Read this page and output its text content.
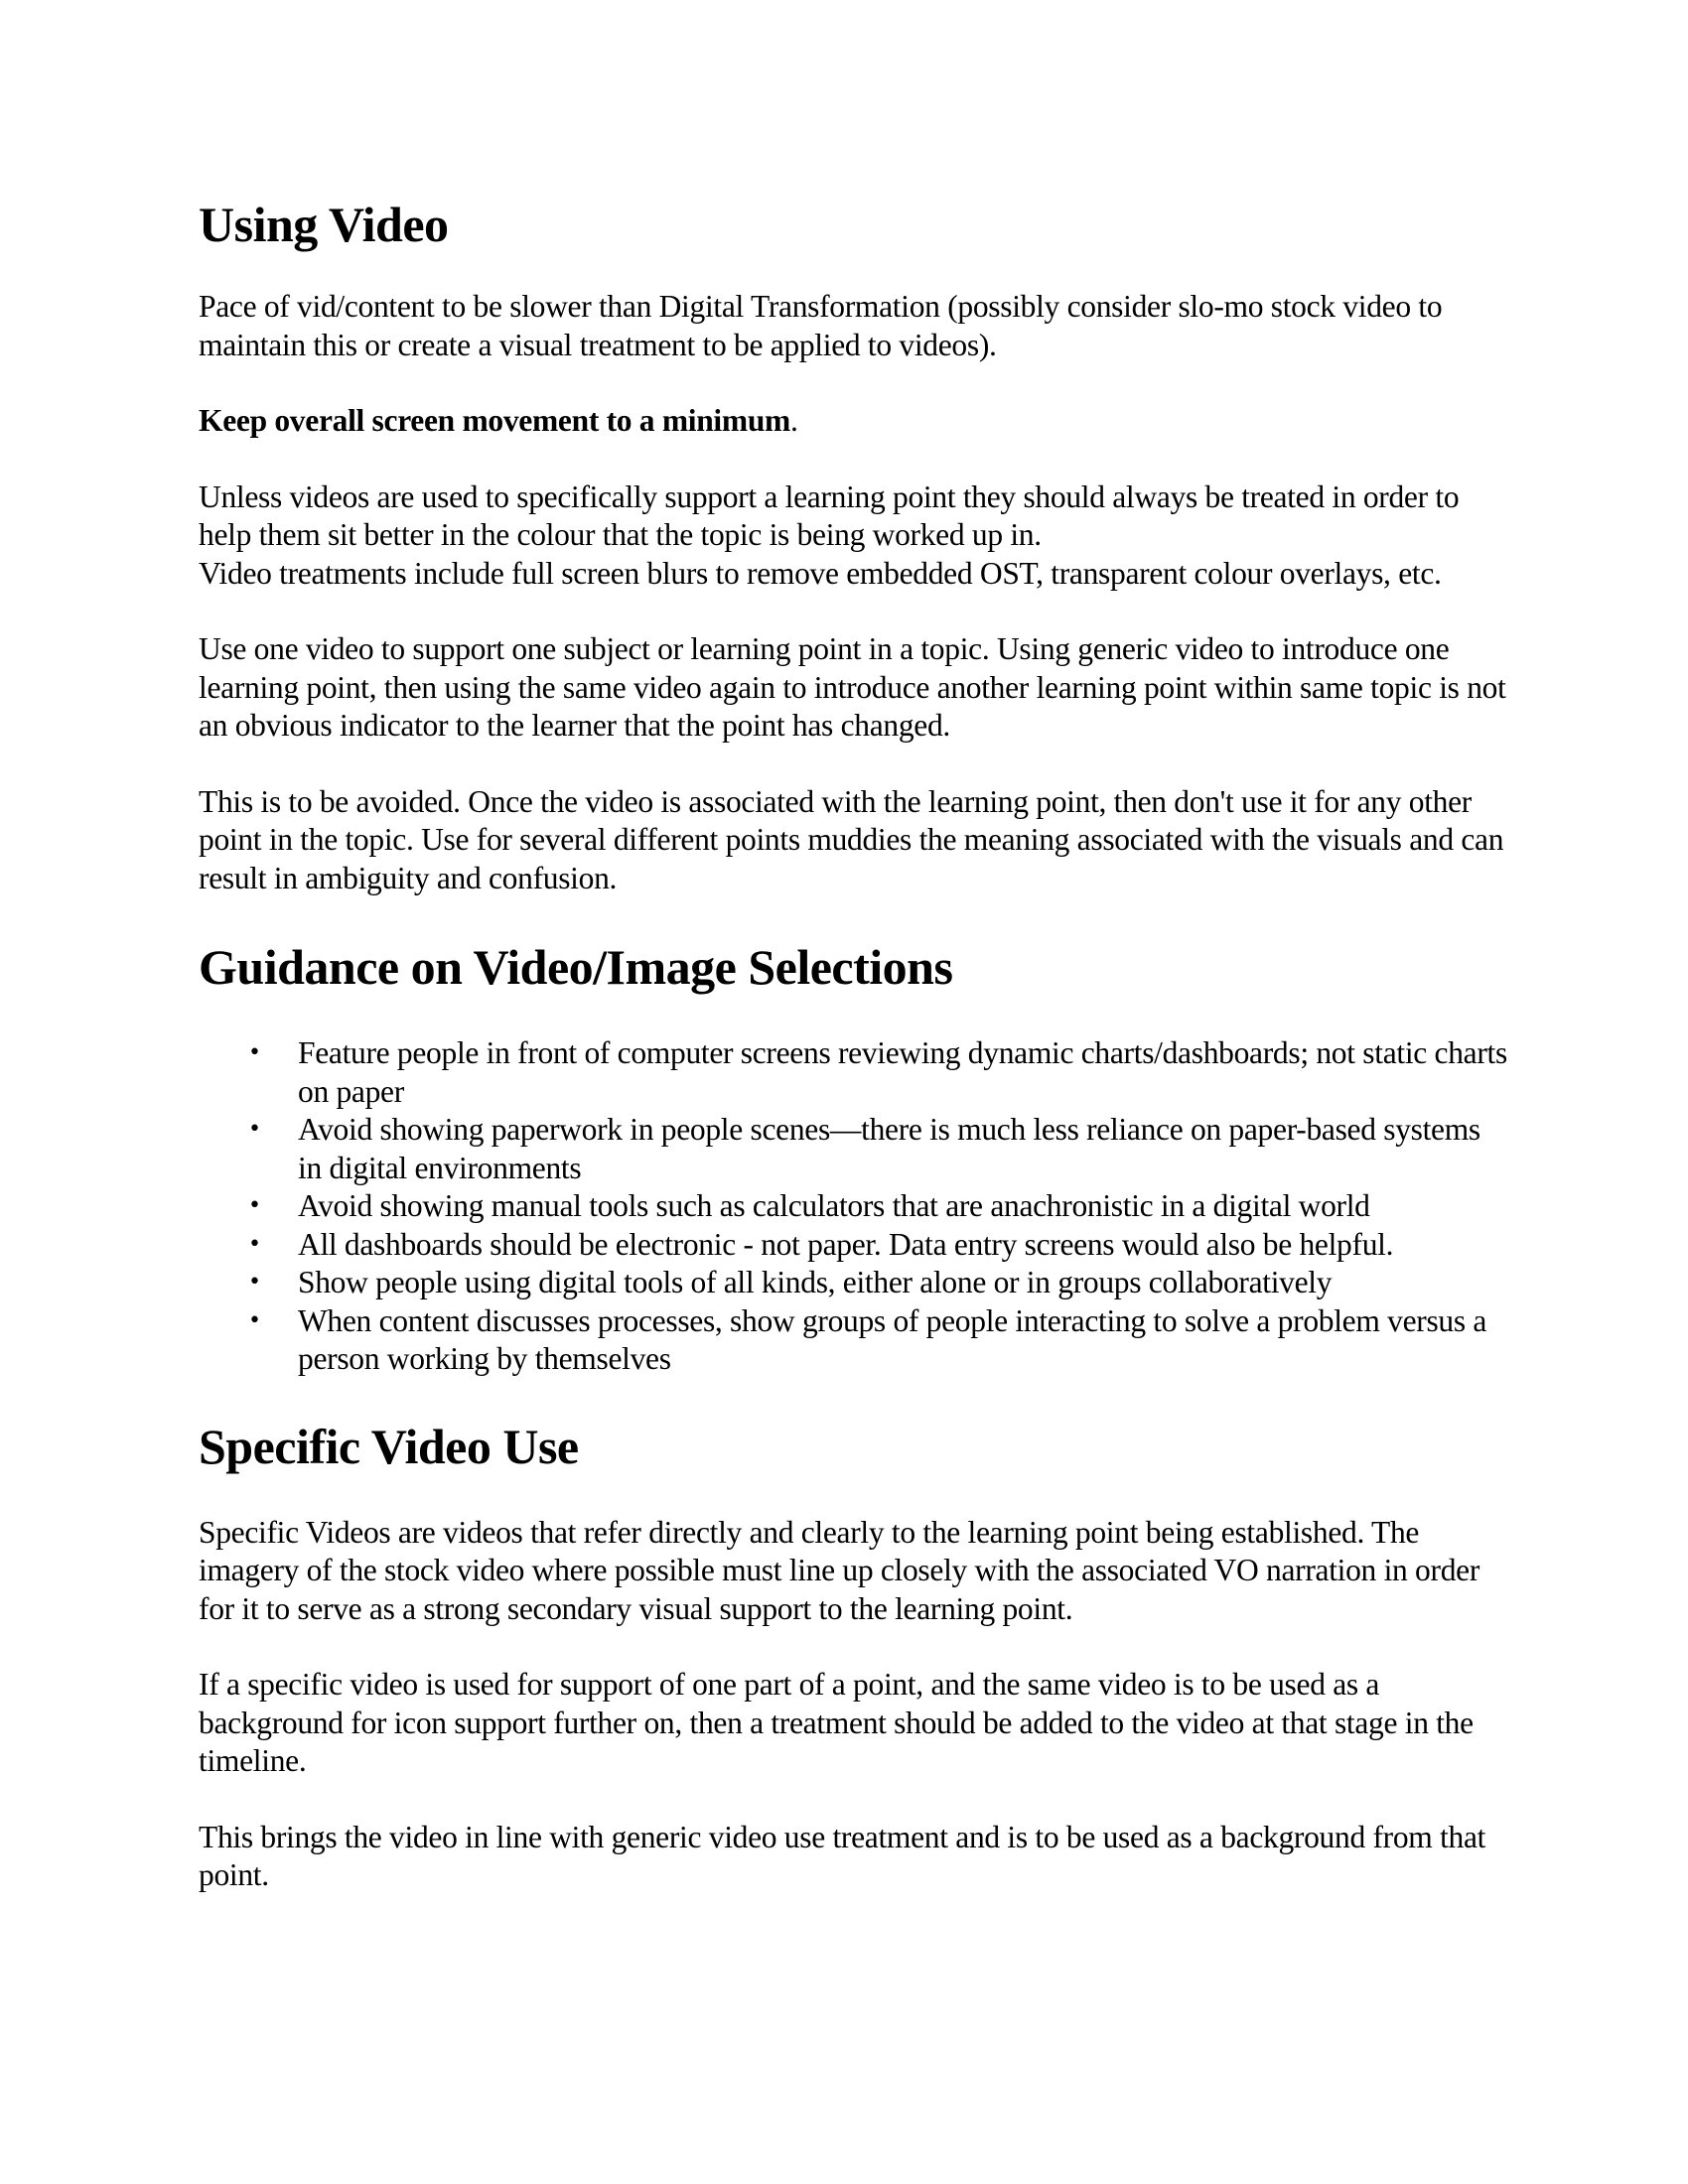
Using Video

Pace of vid/content to be slower than Digital Transformation (possibly consider slo-mo stock video to maintain this or create a visual treatment to be applied to videos).

Keep overall screen movement to a minimum.

Unless videos are used to specifically support a learning point they should always be treated in order to help them sit better in the colour that the topic is being worked up in.

Video treatments include full screen blurs to remove embedded OST, transparent colour overlays, etc.

Use one video to support one subject or learning point in a topic. Using generic video to introduce one learning point, then using the same video again to introduce another learning point within same topic is not an obvious indicator to the learner that the point has changed.

This is to be avoided. Once the video is associated with the learning point, then don't use it for any other point in the topic. Use for several different points muddies the meaning associated with the visuals and can result in ambiguity and confusion.

Guidance on Video/Image Selections
• Feature people in front of computer screens reviewing dynamic charts/dashboards; not static charts on paper
• Avoid showing paperwork in people scenes—there is much less reliance on paper-based systems in digital environments
• Avoid showing manual tools such as calculators that are anachronistic in a digital world
• All dashboards should be electronic - not paper. Data entry screens would also be helpful.
• Show people using digital tools of all kinds, either alone or in groups collaboratively
• When content discusses processes, show groups of people interacting to solve a problem versus a person working by themselves
Specific Video Use

Specific Videos are videos that refer directly and clearly to the learning point being established. The imagery of the stock video where possible must line up closely with the associated VO narration in order for it to serve as a strong secondary visual support to the learning point.

If a specific video is used for support of one part of a point, and the same video is to be used as a background for icon support further on, then a treatment should be added to the video at that stage in the timeline.

This brings the video in line with generic video use treatment and is to be used as a background from that point.
